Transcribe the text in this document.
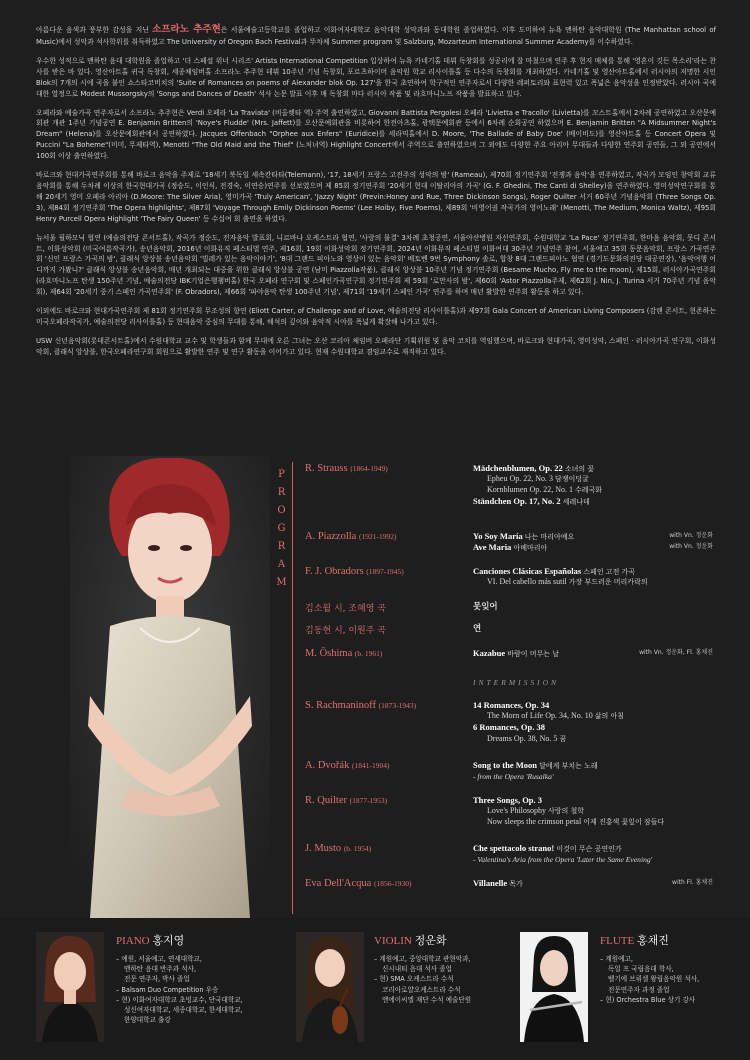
아름다운 음색과 풍부한 감성을 지닌 소프라노 추주현은 서울예술고등학교를 졸업하고 이화여자대학교 음악대학 성악과와 동대학원 졸업하였다. 이후 도미하여 뉴욕 맨하탄 음악대학원 (The Manhattan school of Music)에서 성악과 석사학위를 취득하였고 The University of Oregon Bach Festival과 뚜차체 Summer program 및 Salzburg, Mozarteum International Summer Academy를 이수하였다.

우수한 성적으로 맨하탄 음대 대학원을 졸업하고 '더 스페셜 위너 시리즈' Artists International Competition 입상하여 뉴욕 카네기홀 데뷔 독창회를 성공리에 잘 마쳤으며 연주 후 현지 매체를 통해 '영혼이 깃든 목소리'라는 찬사를 받은 바 있다. 영산아트홀 귀국 독창회, 세종체임버홀 소프라노 추주현 데뷔 10주년 기념 독창회, 포르츠하이머 음악원 학교 리사이틀홀 등 다수의 독창회를 개최하였다. 카네기홀 및 영산아트홀에서 러시아의 저명한 시인 Blok의 7개의 시에 곡을 붙인 쇼스타코비치의 'Suite of Romances on poems of Alexander blok Op. 127'을 한국 초연하여 학구적인 연주자로서 다양한 레퍼토리와 표현력 있고 폭넓은 음악성을 인정받았다. 러시아 곡에 대한 열정으로 Modest Mussorgsky의 'Songs and Dances of Death' 석사 논문 발표 이후 매 독창회 마다 러시아 작품 및 라흐마니노프 작품을 발표하고 있다.

오페라와 예술가곡 연주자로서 소프라노 추주현은 Verdi 오페라 'La Traviata' (비올렛타 역) 주역 출연하였고, Giovanni Battista Pergolesi 오페라 'Livietta e Tracollo' (Livietta)를 꼬스트홀에서 2차례 공연하였고 오산문예회관 개관 1주년 기념공연 E. Benjamin Britten의 'Noye's Fludde' (Mrs. Jaffett)를 오산문예회관을 비롯하여 한전아츠홀, 광택문예회관 등에서 6차례 순회공연 하였으며 E. Benjamin Britten "A Midsummer Night's Dream" (Helena)를 오산문예회관에서 공연하였다. Jacques Offenbach "Orphee aux Enfers" (Euridice)를 세라믹홀에서 D. Moore, 'The Ballade of Baby Doe' (베이비도)를 영산아트홀 등 Concert Opera 및 Puccini "La Boheme"(미미, 무제타역), Menotti "The Old Maid and the Thief" (노처녀역) Highlight Concert에서 주역으로 출연하였으며 그 외에도 다양한 주요 아리아 무대들과 다양한 연주회 공연들, 그 외 공연에서 100회 이상 출연하였다.

바로크와 현대가곡연주회를 통해 바로크 음악을 주제로 '18세기 북독일 세속칸타타(Telemann), '17, 18세기 프랑스 고전주의 성악의 밤' (Rameau), 제70회 정기연주회 '전쟁과 음악'을 연주하였고, 작곡가 모임인 창악회 교류음악회를 통해 두차례 이상의 한국현대가곡 (정승도, 이인식, 전경숙, 이연승)연주를 선보였으며 제 85회 정기연주회 '20세기 현대 이탈리아의 가곡' (G. F. Ghedini, The Canti di Shelley)을 연주하였다. 영미성악연구회를 통해 20세기 영미 오페라 아리아 (D.Moore: The Silver Aria), 영미가곡 'Truly American', 'Jazzy Night' (Previn:Honey and Rue, Three Dickinson Songs), Roger Quilter 서거 60주년 기념음악회 (Three Songs Op. 3), 제84회 정기연주회 'The Opera highlights', 제87회 'Voyage Through Emily Dickinson Poems' (Lee Hoiby, Five Poems), 제89회 '비영어권 작곡가의 영어노래' (Menotti, The Medium, Monica Waltz), 제95회 Henry Purcell Opera Highlight 'The Fairy Queen' 등 수십여 회 출연을 하였다.

뉴서울 필하모닉 협연 (예술의전당 콘서트홀), 작곡가 정순도, 전자음악 발표회, 니르바나 오케스트라 협연, '사랑의 물결' 3차례 초청공연, 서울아산병원 자선연주회, 수원대학교 'La Pace' 정기연주회, 한마음 음악회, 뭇디 콘서트, 이화성악회 (미국여름작곡가), 송년음악회, 2016년 이화유직 페스티벌 연주, 제16회, 19회 이화성악회 정기연주회, 2024년 이화뮤직 페스티벌 이화여대 30주년 기념연주 참여, 서울예고 35회 동문음악회, 프랑스 가곡연주회 '신인 프랑스 가곡의 밤', 클래식 앙상블 송년음악회 '빌레가 있는 음악이야기', '8대 그랜드 피아노와 영상이 있는 음악회' 베토벤 9번 Symphony 솔로, 합창 8대 그랜드피아노 협연 (경기도문화의전당 대공연장), '음악여행 어디까지 가봤니?' 클래식 앙상블 송년음악회, 매년 개최되는 대중을 위한 클래식 앙상블 공연 (남미 Piazzolla작품), 클래식 앙상블 10주년 기념 정기연주회 (Besame Mucho, Fly me to the moon), 제15회, 러시아가곡연주회 (라흐마니노프 탄생 150주년 기념, 예술의전당 IBK기업은행챔버홀) 한국 오페라 연구회 및 스페인가곡연구회 정기연주회 제 59회 '로만사의 밤', 제60회 'Astor Piazzolla주제, 제62회 J. Nin, J. Turina 서거 70주년 기념 음악회), 제64회 '20세기 중기 스페인 가곡연주회' (F. Obradors), 제66회 '파야음악 탄생 100주년 기념', 제71회 '19세기 스페인 가곡' 연주를 하며 매년 활발한 연주회 활동을 하고 있다.

이외에도 바로크와 현대가곡연주회 제 81회 정기연주회 무조성의 향연 (Eliott Carter, of Challenge and of Love, 예술의전당 리사이틀홀)과 제97회 Gala Concert of American Living Composers (감랜 콘서트, 현존하는미국오페라작곡가, 예술의전당 리사이틀홀) 등 현대음악 중심의 무대를 통해, 해석의 깊이와 음악적 시야를 폭넓게 확장해 나가고 있다.

USW 신년음악회(롯데콘서트홀)에서 수원대학교 교수 및 학생들과 함께 무대에 오른 그녀는 오산 코리아 체임버 오페라단 기획위원 및 음악 코치를 역임했으며, 바로크와 현대가곡, 영미성악, 스페인 · 러시아가곡 연구회, 이화성악회, 클래식 앙상블, 한국오페라연구회 회원으로 활발한 연주 및 연구 활동을 이어가고 있다. 현재 수원대학교 겸임교수로 재직하고 있다.

P
R
O
G
R
A
M
R. Strauss (1864-1949)	Mädchenblumen, Op. 22 소녀의 꽃
Epheu Op. 22, No. 3 담쟁이덩굴
Kornblumen Op. 22, No. 1 수레국화
Ständchen Op. 17, No. 2 세레나데
A. Piazzolla (1921-1992)	Yo Soy María 나는 마리아예요	with Vn. 정운화
Ave Maria 아베마리아	with Vn. 정운화
F. J. Obradors (1897-1945)	Canciones Clásicas Españolas 스페인 고전 가곡
VI. Del cabello más sutil 가장 부드러운 머리카락의
김소월 시, 조혜영 곡	못잊어
김동현 시, 이원주 곡	연
M. Ōshima (b. 1961)	Kazabue 바람이 머무는 날	with Vn. 정운화, Fl. 홍채진
INTERMISSION
S. Rachmaninoff (1873-1943)	14 Romances, Op. 34
The Morn of Life Op. 34, No. 10 삶의 아침
6 Romances, Op. 38
Dreams Op. 38, No. 5 꿈
A. Dvořák (1841-1904)	Song to the Moon 달에게 부치는 노래
- from the Opera 'Rusalka'
R. Quilter (1877-1953)	Three Songs, Op. 3
Love's Philosophy 사랑의 철학
Now sleeps the crimson petal 이제 진홍색 꽃잎이 잠들다
J. Musto (b. 1954)	Che spettacolo strano! 이것이 무슨 공연인가
- Valentina's Aria from the Opera 'Later the Same Evening'
Eva Dell'Acqua (1856-1930)	Villanelle 목가	with Fl. 홍채진
PIANO 홍지영
– 예원, 서울예고, 연세대학교,
맨하탄 음대 반주과 석사,
전문 연주자, 박사 졸업
– Balsam Duo Competition 우승
– 현) 이화여자대학교 초빙교수, 단국대학교,
성신여자대학교, 세종대학교, 한세대학교,
한양대학교 출강
VIOLIN 정운화
– 계원예고, 중앙대학교 관현악과,
신시내티 음대 석사 졸업
– 현) SMA 오케스트라 수석
코리아로얄오케스트라 수석
앤에이씨엘 재단 수석 예술단원
FLUTE 홍채진
– 계원예고,
독일 프 국립음대 학사,
벨기에 브뤼셀 왕립음악원 석사,
전문연주자 과정 졸업
– 현) Orchestra Blue 상기 강사
